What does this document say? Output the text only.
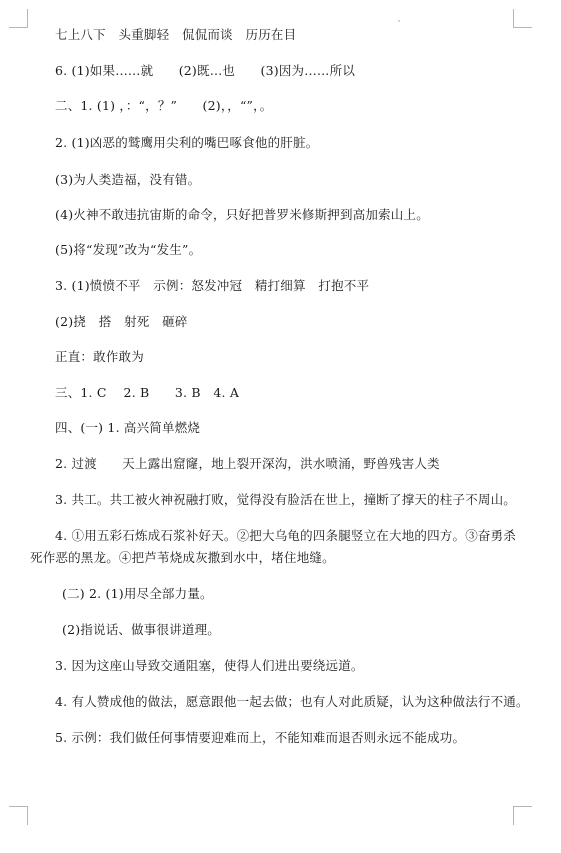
七上八下　头重脚轻　侃侃而谈　历历在目
6. (1)如果……就　　(2)既…也　　(3)因为……所以
二、1. (1) ，：“，？”　　(2)，，“”，。
2. (1)凶恶的鹫鹰用尖利的嘴巴啄食他的肝脏。
(3)为人类造福，没有错。
(4)火神不敢违抗宙斯的命令，只好把普罗米修斯押到高加索山上。
(5)将“发现”改为“发生”。
3. (1)愤愤不平　示例：怒发冲冠　精打细算　打抱不平
(2)挠　搭　射死　砸碎
正直：敢作敢为
三、1. C　 2. B　　3. B　4. A
四、(一) 1. 高兴简单燃烧
2. 过渡　　天上露出窟窿，地上裂开深沟，洪水喷涌，野兽残害人类
3. 共工。共工被火神祝融打败，觉得没有脸活在世上，撞断了撑天的柱子不周山。
4. ①用五彩石炼成石浆补好天。②把大乌龟的四条腿竖立在大地的四方。③奋勇杀死作恶的黑龙。④把芦苇烧成灰撒到水中，堵住地缝。
(二) 2. (1)用尽全部力量。
(2)指说话、做事很讲道理。
3. 因为这座山导致交通阻塞，使得人们进出要绕远道。
4. 有人赞成他的做法，愿意跟他一起去做；也有人对此质疑，认为这种做法行不通。
5. 示例：我们做任何事情要迎难而上，不能知难而退否则永远不能成功。
